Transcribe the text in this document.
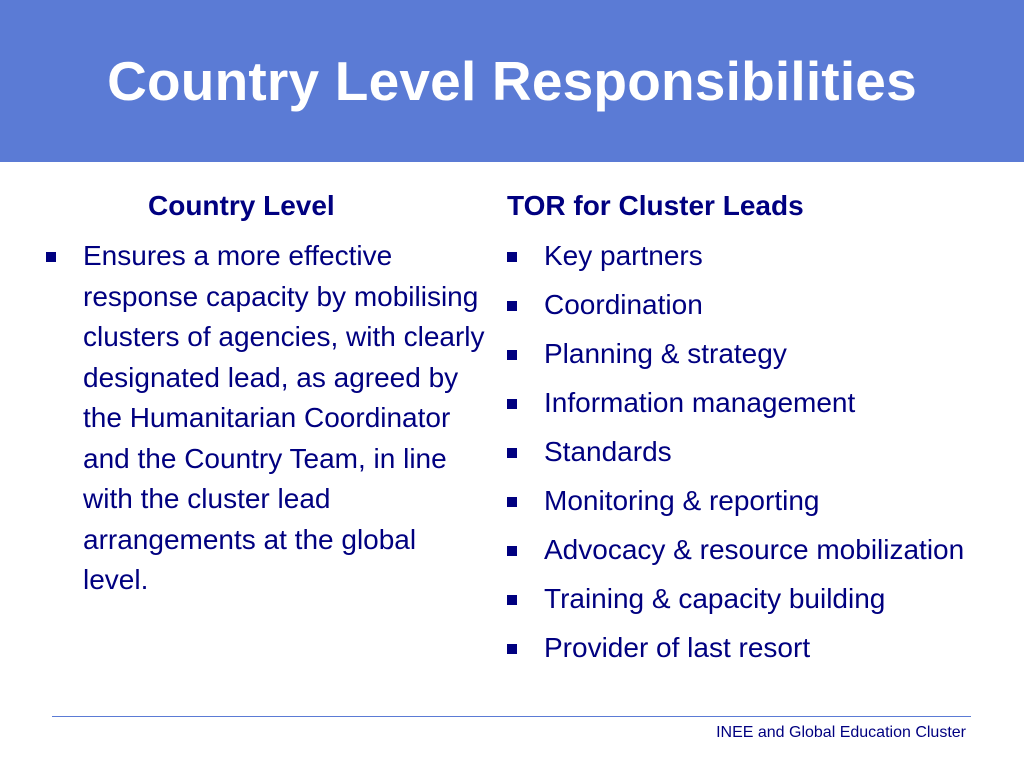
Country Level Responsibilities
Country Level
Ensures a more effective response capacity by mobilising clusters of agencies, with clearly designated lead, as agreed by the Humanitarian Coordinator and the Country Team, in line with the cluster lead arrangements at the global level.
TOR for Cluster Leads
Key partners
Coordination
Planning & strategy
Information management
Standards
Monitoring & reporting
Advocacy & resource mobilization
Training & capacity building
Provider of last resort
INEE and Global Education Cluster
